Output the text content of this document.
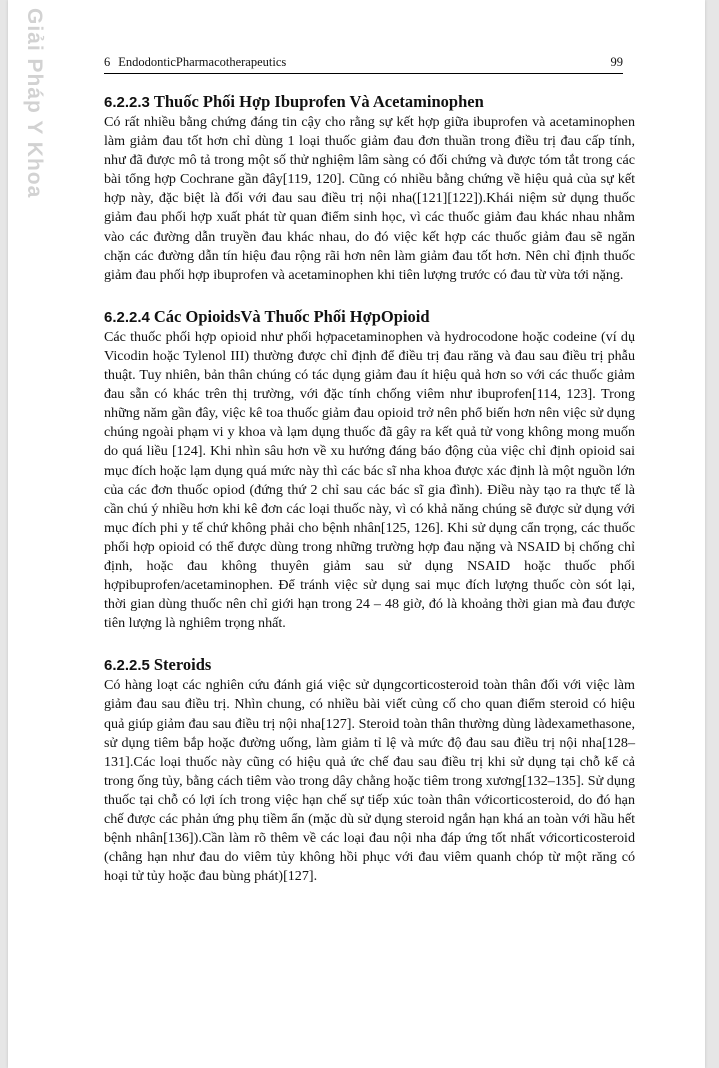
Giải Pháp Y Khoa	6 EndodonticPharmacotherapeutics	99
6.2.2.3 Thuốc Phối Hợp Ibuprofen Và Acetaminophen

Có rất nhiều bằng chứng đáng tin cậy cho rằng sự kết hợp giữa ibuprofen và acetaminophen làm giảm đau tốt hơn chỉ dùng 1 loại thuốc giảm đau đơn thuần trong điều trị đau cấp tính, như đã được mô tả trong một số thử nghiệm lâm sàng có đối chứng và được tóm tắt trong các bài tổng hợp Cochrane gần đây[119, 120]. Cũng có nhiều bằng chứng về hiệu quả của sự kết hợp này, đặc biệt là đối với đau sau điều trị nội nha([121][122]).Khái niệm sử dụng thuốc giảm đau phối hợp xuất phát từ quan điểm sinh học, vì các thuốc giảm đau khác nhau nhằm vào các đường dẫn truyền đau khác nhau, do đó việc kết hợp các thuốc giảm đau sẽ ngăn chặn các đường dẫn tín hiệu đau rộng rãi hơn nên làm giảm đau tốt hơn. Nên chỉ định thuốc giảm đau phối hợp ibuprofen và acetaminophen khi tiên lượng trước có đau từ vừa tới nặng.

6.2.2.4 Các OpioidsVà Thuốc Phối HợpOpioid

Các thuốc phối hợp opioid như phối hợpacetaminophen và hydrocodone hoặc codeine (ví dụ Vicodin hoặc Tylenol III) thường được chỉ định để điều trị đau răng và đau sau điều trị phẫu thuật. Tuy nhiên, bản thân chúng có tác dụng giảm đau ít hiệu quả hơn so với các thuốc giảm đau sẵn có khác trên thị trường, với đặc tính chống viêm như ibuprofen[114, 123]. Trong những năm gần đây, việc kê toa thuốc giảm đau opioid trở nên phổ biến hơn nên việc sử dụng chúng ngoài phạm vi y khoa và lạm dụng thuốc đã gây ra kết quả tử vong không mong muốn do quá liều [124]. Khi nhìn sâu hơn về xu hướng đáng báo động của việc chỉ định opioid sai mục đích hoặc lạm dụng quá mức này thì các bác sĩ nha khoa được xác định là một nguồn lớn của các đơn thuốc opiod (đứng thứ 2 chỉ sau các bác sĩ gia đình). Điều này tạo ra thực tế là cần chú ý nhiều hơn khi kê đơn các loại thuốc này, vì có khả năng chúng sẽ được sử dụng với mục đích phi y tế chứ không phải cho bệnh nhân[125, 126]. Khi sử dụng cẩn trọng, các thuốc phối hợp opioid có thể được dùng trong những trường hợp đau nặng và NSAID bị chống chỉ định, hoặc đau không thuyên giảm sau sử dụng NSAID hoặc thuốc phối hợpibuprofen/acetaminophen. Để tránh việc sử dụng sai mục đích lượng thuốc còn sót lại, thời gian dùng thuốc nên chỉ giới hạn trong 24 – 48 giờ, đó là khoảng thời gian mà đau được tiên lượng là nghiêm trọng nhất.

6.2.2.5 Steroids

Có hàng loạt các nghiên cứu đánh giá việc sử dụngcorticosteroid toàn thân đối với việc làm giảm đau sau điều trị. Nhìn chung, có nhiều bài viết củng cố cho quan điểm steroid có hiệu quả giúp giảm đau sau điều trị nội nha[127]. Steroid toàn thân thường dùng làdexamethasone, sử dụng tiêm bắp hoặc đường uống, làm giảm tỉ lệ và mức độ đau sau điều trị nội nha[128–131].Các loại thuốc này cũng có hiệu quả ức chế đau sau điều trị khi sử dụng tại chỗ kể cả trong ống tủy, bằng cách tiêm vào trong dây chằng hoặc tiêm trong xương[132–135]. Sử dụng thuốc tại chỗ có lợi ích trong việc hạn chế sự tiếp xúc toàn thân vớicorticosteroid, do đó hạn chế được các phản ứng phụ tiềm ẩn (mặc dù sử dụng steroid ngắn hạn khá an toàn với hầu hết bệnh nhân[136]).Cần làm rõ thêm về các loại đau nội nha đáp ứng tốt nhất vớicorticosteroid (chẳng hạn như đau do viêm tủy không hồi phục với đau viêm quanh chóp từ một răng có hoại tử tủy hoặc đau bùng phát)[127].
